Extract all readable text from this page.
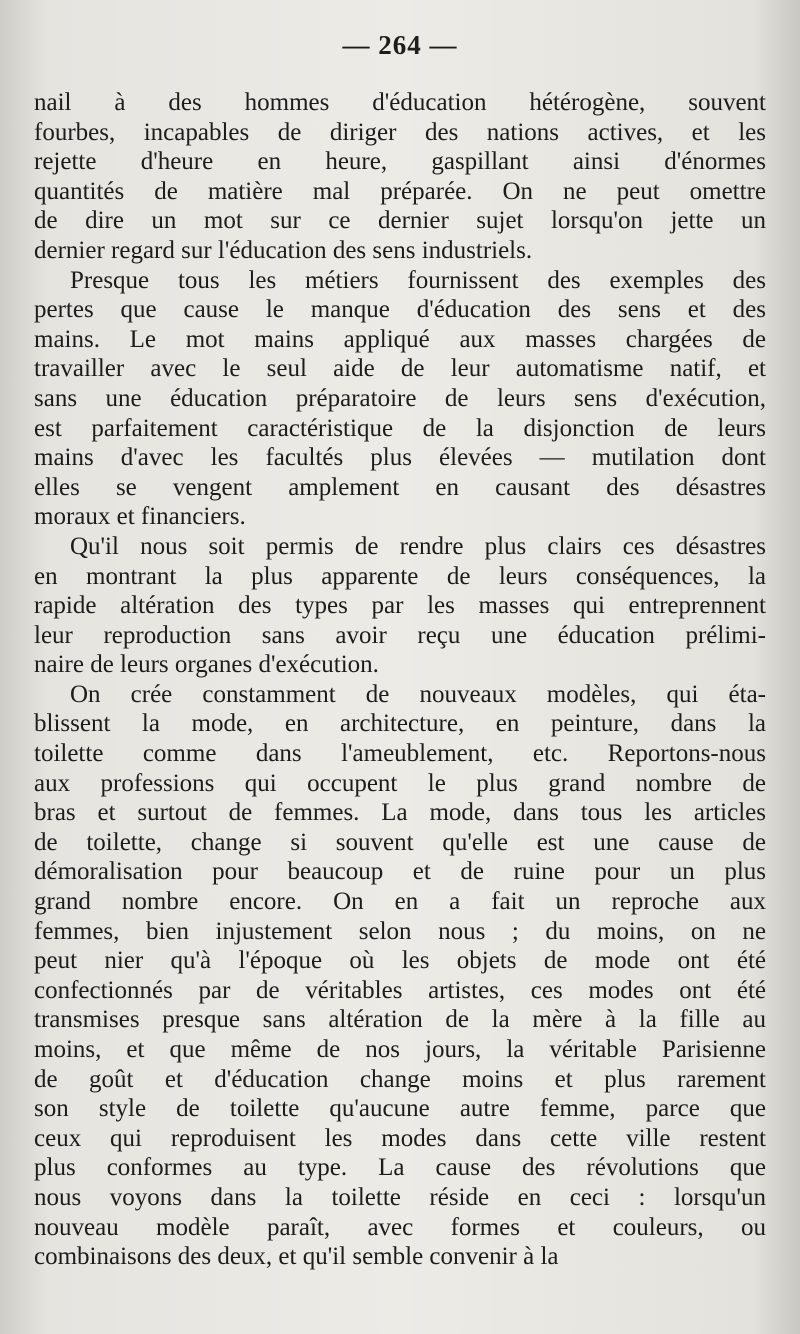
— 264 —

nail à des hommes d'éducation hétérogène, souvent
fourbes, incapables de diriger des nations actives, et les
rejette d'heure en heure, gaspillant ainsi d'énormes
quantités de matière mal préparée. On ne peut omettre
de dire un mot sur ce dernier sujet lorsqu'on jette un
dernier regard sur l'éducation des sens industriels.

Presque tous les métiers fournissent des exemples des
pertes que cause le manque d'éducation des sens et des
mains. Le mot mains appliqué aux masses chargées de
travailler avec le seul aide de leur automatisme natif, et
sans une éducation préparatoire de leurs sens d'exécution,
est parfaitement caractéristique de la disjonction de leurs
mains d'avec les facultés plus élevées — mutilation dont
elles se vengent amplement en causant des désastres
moraux et financiers.

Qu'il nous soit permis de rendre plus clairs ces désastres
en montrant la plus apparente de leurs conséquences, la
rapide altération des types par les masses qui entreprennent
leur reproduction sans avoir reçu une éducation prélimi-
naire de leurs organes d'exécution.

On crée constamment de nouveaux modèles, qui éta-
blissent la mode, en architecture, en peinture, dans la
toilette comme dans l'ameublement, etc. Reportons-nous
aux professions qui occupent le plus grand nombre de
bras et surtout de femmes. La mode, dans tous les articles
de toilette, change si souvent qu'elle est une cause de
démoralisation pour beaucoup et de ruine pour un plus
grand nombre encore. On en a fait un reproche aux
femmes, bien injustement selon nous ; du moins, on ne
peut nier qu'à l'époque où les objets de mode ont été
confectionnés par de véritables artistes, ces modes ont été
transmises presque sans altération de la mère à la fille au
moins, et que même de nos jours, la véritable Parisienne
de goût et d'éducation change moins et plus rarement
son style de toilette qu'aucune autre femme, parce que
ceux qui reproduisent les modes dans cette ville restent
plus conformes au type. La cause des révolutions que
nous voyons dans la toilette réside en ceci : lorsqu'un
nouveau modèle paraît, avec formes et couleurs, ou
combinaisons des deux, et qu'il semble convenir à la
